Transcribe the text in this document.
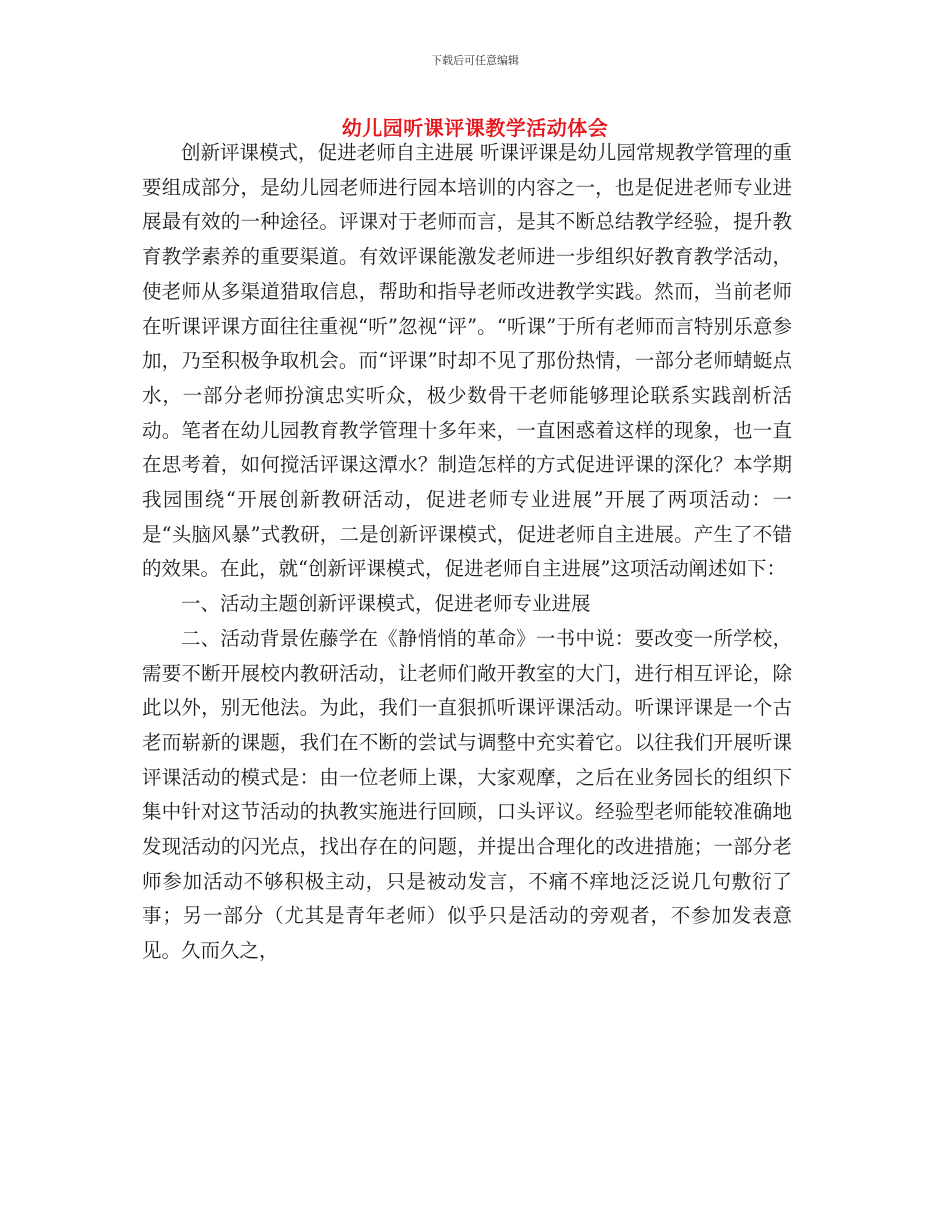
下载后可任意编辑
幼儿园听课评课教学活动体会

创新评课模式，促进老师自主进展 听课评课是幼儿园常规教学管理的重要组成部分，是幼儿园老师进行园本培训的内容之一，也是促进老师专业进展最有效的一种途径。评课对于老师而言，是其不断总结教学经验，提升教育教学素养的重要渠道。有效评课能激发老师进一步组织好教育教学活动，使老师从多渠道猎取信息，帮助和指导老师改进教学实践。然而，当前老师在听课评课方面往往重视“听”忽视“评”。“听课”于所有老师而言特别乐意参加，乃至积极争取机会。而“评课”时却不见了那份热情，一部分老师蜻蜓点水，一部分老师扮演忠实听众，极少数骨干老师能够理论联系实践剖析活动。笔者在幼儿园教育教学管理十多年来，一直困惑着这样的现象，也一直在思考着，如何搅活评课这潭水？制造怎样的方式促进评课的深化？本学期我园围绕“开展创新教研活动，促进老师专业进展”开展了两项活动：一是“头脑风暴”式教研，二是创新评课模式，促进老师自主进展。产生了不错的效果。在此，就“创新评课模式，促进老师自主进展”这项活动阐述如下：

一、活动主题创新评课模式，促进老师专业进展

二、活动背景佐藤学在《静悄悄的革命》一书中说：要改变一所学校，需要不断开展校内教研活动，让老师们敞开教室的大门，进行相互评论，除此以外，别无他法。为此，我们一直狠抓听课评课活动。听课评课是一个古老而崭新的课题，我们在不断的尝试与调整中充实着它。以往我们开展听课评课活动的模式是：由一位老师上课，大家观摩，之后在业务园长的组织下集中针对这节活动的执教实施进行回顾，口头评议。经验型老师能较准确地发现活动的闪光点，找出存在的问题，并提出合理化的改进措施；一部分老师参加活动不够积极主动，只是被动发言，不痛不痒地泛泛说几句敷衍了事；另一部分（尤其是青年老师）似乎只是活动的旁观者，不参加发表意见。久而久之，
